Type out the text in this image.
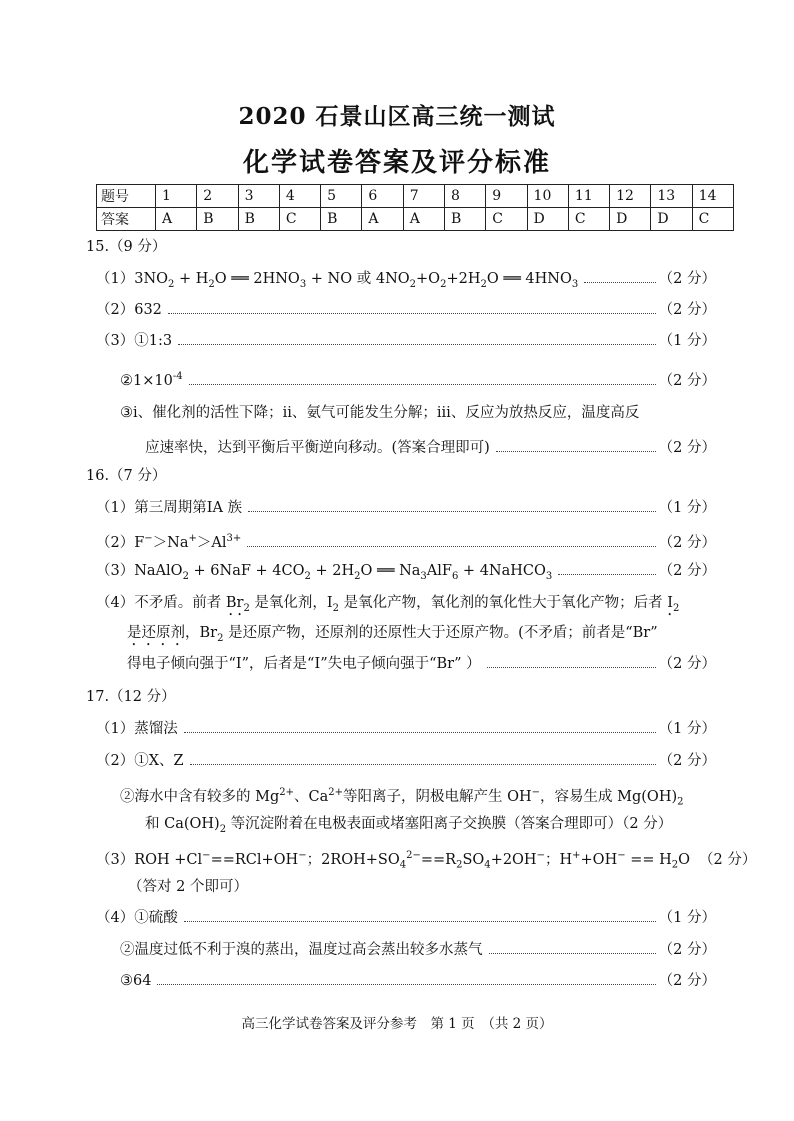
2020 石景山区高三统一测试
化学试卷答案及评分标准
题号	1	2	3	4	5	6	7	8	9	10	11	12	13	14
答案	A	B	B	C	B	A	A	B	C	D	C	D	D	C
15.（9 分）
$(1)3NO_2 + H_2O$ ══ $2HNO_3$ + NO 或 $4NO_2+O_2+2H_2O$ ══ $4HNO_3$	（2 分）
（2）632	（2 分）
（3）①1:3	（1 分）
$②1\times 10^{-4}$	（2 分）
③ⅰ、催化剂的活性下降；ⅱ、氨气可能发生分解；ⅲ、反应为放热反应，温度高反
应速率快，达到平衡后平衡逆向移动。(答案合理即可)	（2 分）
16.（7 分）
（1）第三周期第ⅠA 族	（1 分）
$(2)F^->Na^+>Al^{3+}$	（2 分）
（3）NaAlO$_2$ + $6NaF + 4CO_2 + 2H_2O$ ══ $Na_3AlF_6$ + 4NaHCO$_3$	（2 分）
（4）不矛盾。前者 $Br_2$ 是氧化剂，$I_2$ 是氧化产物，氧化剂的氧化性大于氧化产物；后者 $I_2$
是还原剂，$Br_2$ 是还原产物，还原剂的还原性大于还原产物。(不矛盾；前者是“Br”
得电子倾向强于“I”，后者是“I”失电子倾向强于“Br” ）	（2 分）
17.（12 分）
（1）蒸馏法	（1 分）
（2）①X、Z	（2 分）
②海水中含有较多的 $Mg^{2+}$、$Ca^{2+}$等阳离子，阴极电解产生 OH−，容易生成 $Mg(OH)_2$
和 $Ca(OH)_2$ 等沉淀附着在电极表面或堵塞阳离子交换膜（答案合理即可）（2 分）
（3）ROH +Cl−==RCl+OH−；$2ROH+SO_4^{2-}==R_2SO_4+2OH^-$；$H^++OH^- == H_2O$ （2 分）
（答对 2 个即可）
（4）①硫酸	（1 分）
②温度过低不利于溴的蒸出，温度过高会蒸出较多水蒸气	（2 分）
③64	（2 分）
高三化学试卷答案及评分参考　第 1 页　（共 2 页）
